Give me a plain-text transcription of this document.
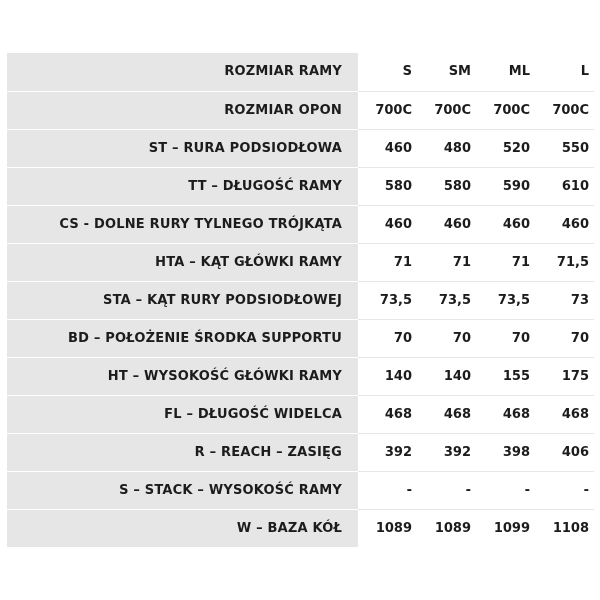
ROZMIAR RAMY	S	SM	ML	L
ROZMIAR OPON	700C	700C	700C	700C
ST – RURA PODSIODŁOWA	460	480	520	550
TT – DŁUGOŚĆ RAMY	580	580	590	610
CS - DOLNE RURY TYLNEGO TRÓJKĄTA	460	460	460	460
HTA – KĄT GŁÓWKI RAMY	71	71	71	71,5
STA – KĄT RURY PODSIODŁOWEJ	73,5	73,5	73,5	73
BD – POŁOŻENIE ŚRODKA SUPPORTU	70	70	70	70
HT – WYSOKOŚĆ GŁÓWKI RAMY	140	140	155	175
FL – DŁUGOŚĆ WIDELCA	468	468	468	468
R – REACH – ZASIĘG	392	392	398	406
S – STACK – WYSOKOŚĆ RAMY	-	-	-	-
W – BAZA KÓŁ	1089	1089	1099	1108
